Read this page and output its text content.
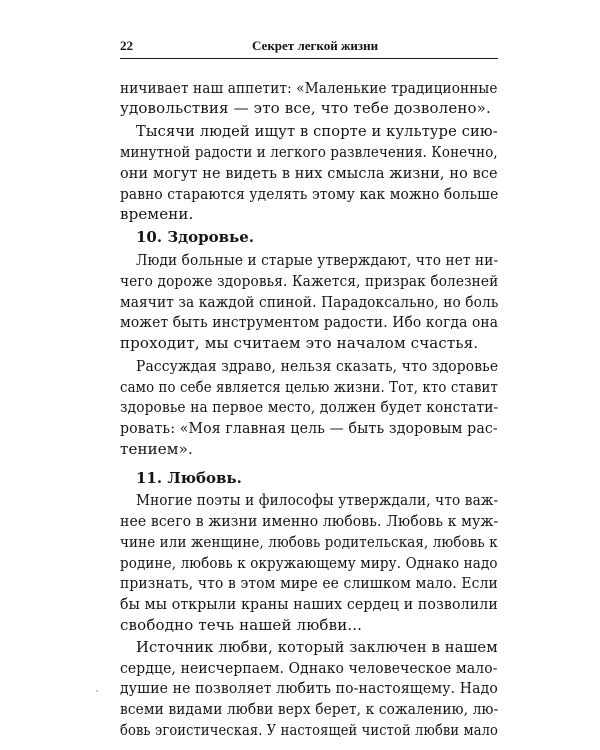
22	Секрет легкой жизни
ничивает наш аппетит: «Маленькие традиционные
удовольствия — это все, что тебе дозволено».
Тысячи людей ищут в спорте и культуре сию-
минутной радости и легкого развлечения. Конечно,
они могут не видеть в них смысла жизни, но все
равно стараются уделять этому как можно больше
времени.
10. Здоровье.
Люди больные и старые утверждают, что нет ни-
чего дороже здоровья. Кажется, призрак болезней
маячит за каждой спиной. Парадоксально, но боль
может быть инструментом радости. Ибо когда она
проходит, мы считаем это началом счастья.
Рассуждая здраво, нельзя сказать, что здоровье
само по себе является целью жизни. Тот, кто ставит
здоровье на первое место, должен будет констати-
ровать: «Моя главная цель — быть здоровым рас-
тением».
11. Любовь.
Многие поэты и философы утверждали, что важ-
нее всего в жизни именно любовь. Любовь к муж-
чине или женщине, любовь родительская, любовь к
родине, любовь к окружающему миру. Однако надо
признать, что в этом мире ее слишком мало. Если
бы мы открыли краны наших сердец и позволили
свободно течь нашей любви...
Источник любви, который заключен в нашем
сердце, неисчерпаем. Однако человеческое мало-
душие не позволяет любить по-настоящему. Надо
всеми видами любви верх берет, к сожалению, лю-
бовь эгоистическая. У настоящей чистой любви мало
